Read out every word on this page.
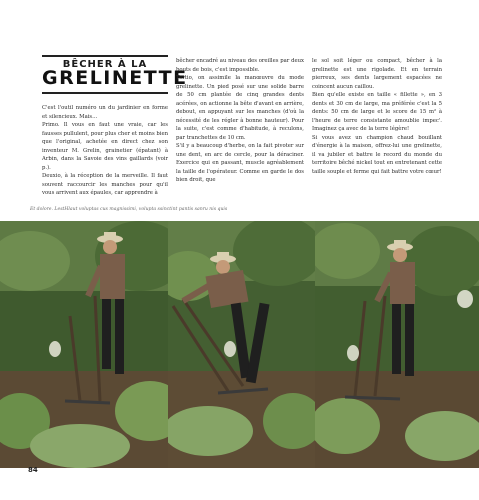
BÊCHER À LA
GRELINETTE

C'est l'outil numéro un du jardinier en forme et silencieux. Mais…

Primo. Il vous en faut une vraie, car les fausses pullulent, pour plus cher et moins bien que l'original, achetée en direct chez son inventeur M. Grelin, grainetier (épatant) à Arbin, dans la Savoie des vins gaillards (voir p.).

Deuxio, à la réception de la merveille. Il faut souvent raccourcir les manches pour qu'il vous arrivent aux épaules, car apprendre à

bêcher encadré au niveau des oreilles par deux bouts de bois, c'est impossible.

Tertio, on assimile la manœuvre du mode grelinette. Un pied posé sur une solide barre de 50 cm plantée de cinq grandes dents acérées, on actionne la bête d'avant en arrière, debout, en appuyant sur les manches (d'où la nécessité de les régler à bonne hauteur). Pour la suite, c'est comme d'habitude, à reculons, par tranchettes de 10 cm.

S'il y a beaucoup d'herbe, on la fait pivoter sur une dent, en arc de cercle, pour la déraciner. Exercice qui en passant, muscle agréablement la taille de l'opérateur. Comme en garde le dos bien droit, que

le sol soit léger ou compact, bêcher à la grelinette est une rigolade. Et en terrain pierreux, ses dents largement espacées ne coincent aucun caillou.

Bien qu'elle existe en taille « fillette », en 3 dents et 30 cm de large, ma préférée c'est la 5 dents: 50 cm de large et le score de 15 m² à l'heure de terre consistante amoublie impec'. Imaginez ça avec de la terre légère!

Si vous avez un champion chaud bouillant d'énergie à la maison, offrez-lui une grelinette, il va jubiler et battre le record du monde du territoire bêché nickel tout en entretenant cette taille souple et ferme qui fait battre votre cœur!

Et dolore. LestHlaut voluptas cus magnissimi, volupta ssinctint pantis sanru nis quis
84
